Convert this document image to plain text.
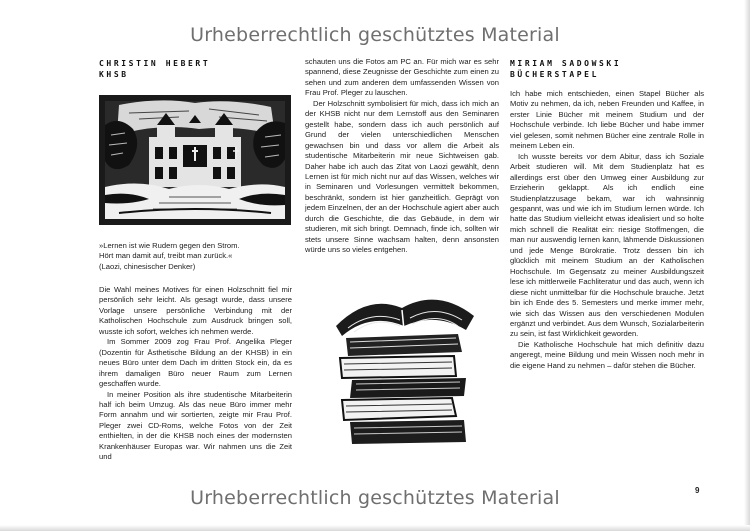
Urheberrechtlich geschütztes Material
CHRISTIN HEBERT
KHSB
»Lernen ist wie Rudern gegen den Strom.
Hört man damit auf, treibt man zurück.«
(Laozi, chinesischer Denker)

Die Wahl meines Motives für einen Holzschnitt fiel mir persönlich sehr leicht. Als gesagt wurde, dass unsere Vorlage unsere persönliche Verbindung mit der Katholischen Hochschule zum Ausdruck bringen soll, wusste ich sofort, welches ich nehmen werde.

Im Sommer 2009 zog Frau Prof. Angelika Pleger (Dozentin für Ästhetische Bildung an der KHSB) in ein neues Büro unter dem Dach im dritten Stock ein, da es ihrem damaligen Büro neuer Raum zum Lernen geschaffen wurde.

In meiner Position als ihre studentische Mitarbeiterin half ich beim Umzug. Als das neue Büro immer mehr Form annahm und wir sortierten, zeigte mir Frau Prof. Pleger zwei CD-Roms, welche Fotos von der Zeit enthielten, in der die KHSB noch eines der modernsten Krankenhäuser Europas war. Wir nahmen uns die Zeit und

schauten uns die Fotos am PC an. Für mich war es sehr spannend, diese Zeugnisse der Geschichte zum einen zu sehen und zum anderen dem umfassenden Wissen von Frau Prof. Pleger zu lauschen.

Der Holzschnitt symbolisiert für mich, dass ich mich an der KHSB nicht nur dem Lernstoff aus den Seminaren gestellt habe, sondern dass ich auch persönlich auf Grund der vielen unterschiedlichen Menschen gewachsen bin und dass vor allem die Arbeit als studentische Mitarbeiterin mir neue Sichtweisen gab. Daher habe ich auch das Zitat von Laozi gewählt, denn Lernen ist für mich nicht nur auf das Wissen, welches wir in Seminaren und Vorlesungen vermittelt bekommen, beschränkt, sondern ist hier ganzheitlich. Geprägt von jedem Einzelnen, der an der Hochschule agiert aber auch durch die Geschichte, die das Gebäude, in dem wir studieren, mit sich bringt. Demnach, finde ich, sollten wir stets unsere Sinne wachsam halten, denn ansonsten würde uns so vieles entgehen.

MIRIAM SADOWSKI
BÜCHERSTAPEL

Ich habe mich entschieden, einen Stapel Bücher als Motiv zu nehmen, da ich, neben Freunden und Kaffee, in erster Linie Bücher mit meinem Studium und der Hochschule verbinde. Ich liebe Bücher und habe immer viel gelesen, somit nehmen Bücher eine zentrale Rolle in meinem Leben ein.

Ich wusste bereits vor dem Abitur, dass ich Soziale Arbeit studieren will. Mit dem Studienplatz hat es allerdings erst über den Umweg einer Ausbildung zur Erzieherin geklappt. Als ich endlich eine Studienplatzzusage bekam, war ich wahnsinnig gespannt, was und wie ich im Studium lernen würde. Ich hatte das Studium vielleicht etwas idealisiert und so holte mich schnell die Realität ein: riesige Stoffmengen, die man nur auswendig lernen kann, lähmende Diskussionen und jede Menge Bürokratie. Trotz dessen bin ich glücklich mit meinem Studium an der Katholischen Hochschule. Im Gegensatz zu meiner Ausbildungszeit lese ich mittlerweile Fachliteratur und das auch, wenn ich diese nicht unmittelbar für die Hochschule brauche. Jetzt bin ich Ende des 5. Semesters und merke immer mehr, wie sich das Wissen aus den verschiedenen Modulen ergänzt und verbindet. Aus dem Wunsch, Sozialarbeiterin zu sein, ist fast Wirklichkeit geworden.

Die Katholische Hochschule hat mich definitiv dazu angeregt, meine Bildung und mein Wissen noch mehr in die eigene Hand zu nehmen – dafür stehen die Bücher.

9
Urheberrechtlich geschütztes Material
